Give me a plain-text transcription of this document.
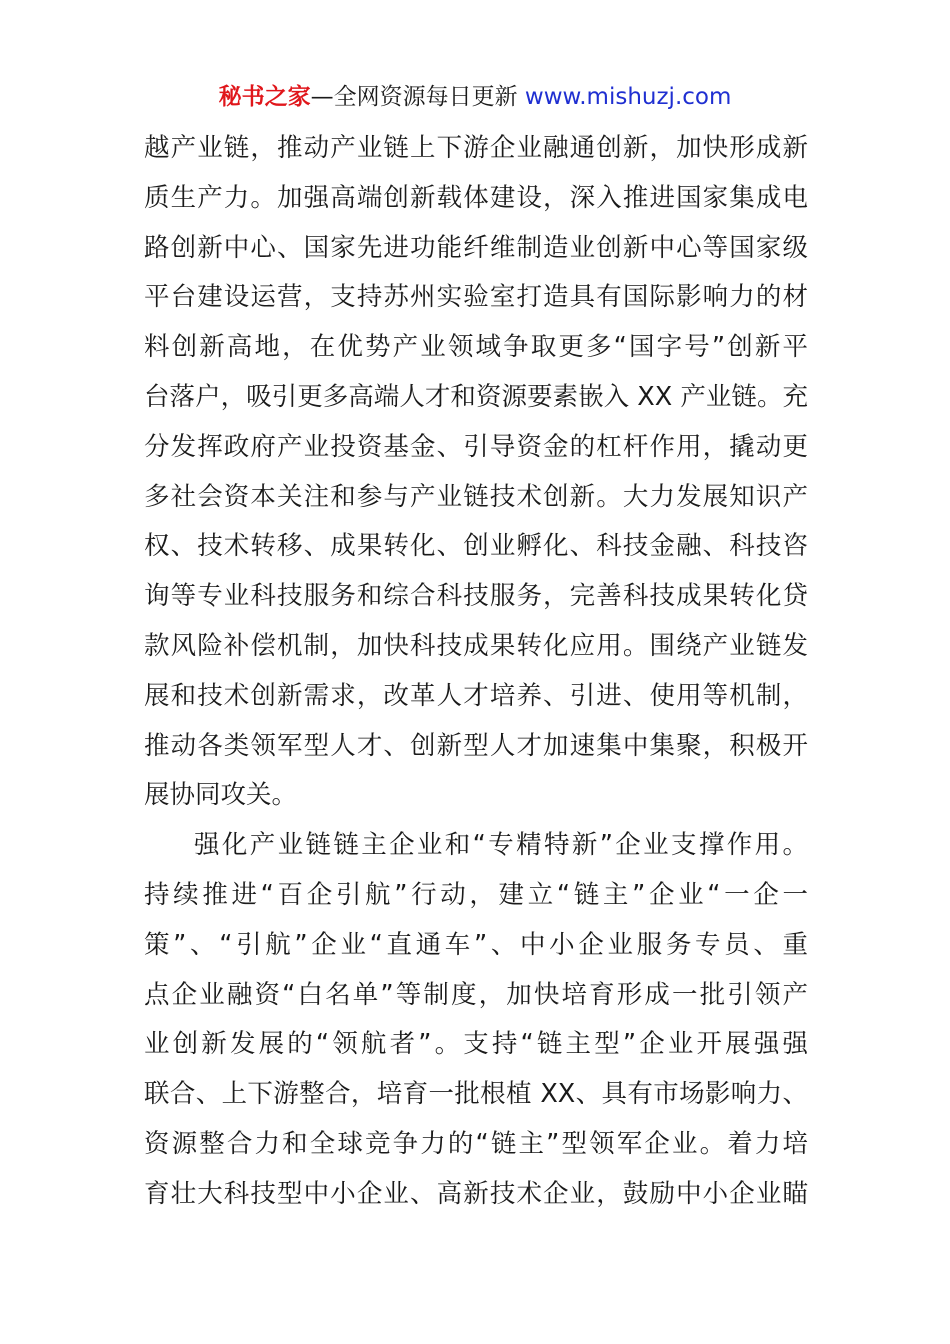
秘书之家—全网资源每日更新 www.mishuzj.com
越产业链，推动产业链上下游企业融通创新，加快形成新
质生产力。加强高端创新载体建设，深入推进国家集成电
路创新中心、国家先进功能纤维制造业创新中心等国家级
平台建设运营，支持苏州实验室打造具有国际影响力的材
料创新高地，在优势产业领域争取更多“国字号”创新平
台落户，吸引更多高端人才和资源要素嵌入 XX 产业链。充
分发挥政府产业投资基金、引导资金的杠杆作用，撬动更
多社会资本关注和参与产业链技术创新。大力发展知识产
权、技术转移、成果转化、创业孵化、科技金融、科技咨
询等专业科技服务和综合科技服务，完善科技成果转化贷
款风险补偿机制，加快科技成果转化应用。围绕产业链发
展和技术创新需求，改革人才培养、引进、使用等机制，
推动各类领军型人才、创新型人才加速集中集聚，积极开
展协同攻关。
强化产业链链主企业和“专精特新”企业支撑作用。
持续推进“百企引航”行动，建立“链主”企业“一企一
策”、“引航”企业“直通车”、中小企业服务专员、重
点企业融资“白名单”等制度，加快培育形成一批引领产
业创新发展的“领航者”。支持“链主型”企业开展强强
联合、上下游整合，培育一批根植 XX、具有市场影响力、
资源整合力和全球竞争力的“链主”型领军企业。着力培
育壮大科技型中小企业、高新技术企业，鼓励中小企业瞄
